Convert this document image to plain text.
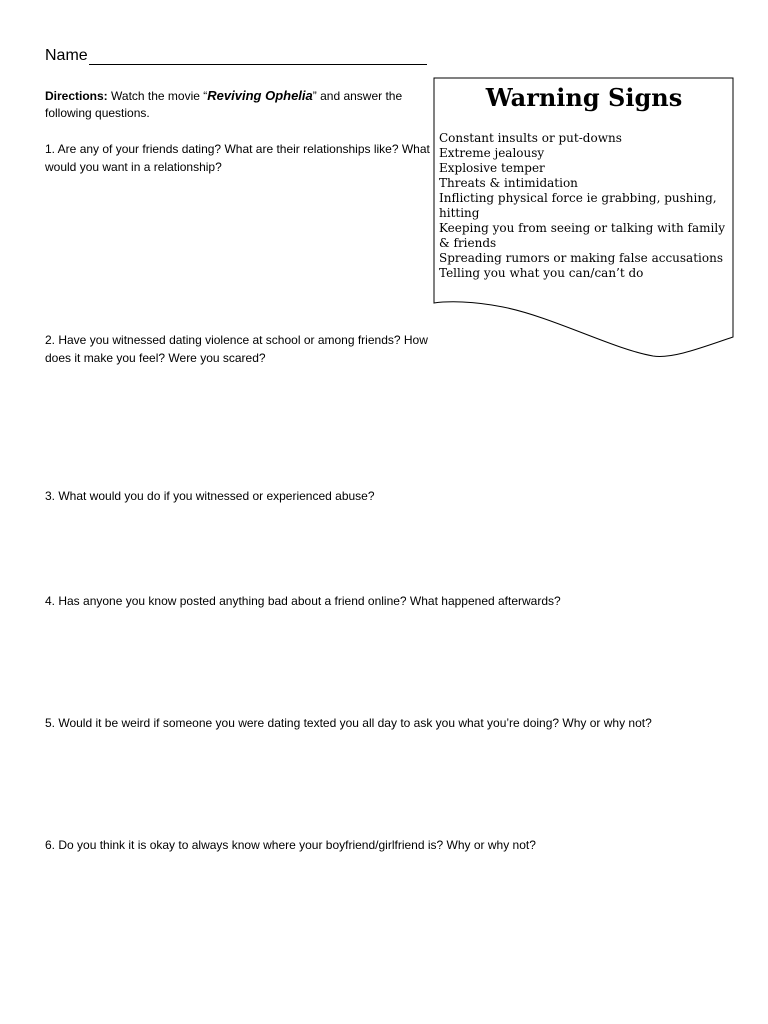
Name
Directions: Watch the movie “Reviving Ophelia” and answer the following questions.
1. Are any of your friends dating? What are their relationships like? What would you want in a relationship?
2. Have you witnessed dating violence at school or among friends? How does it make you feel? Were you scared?
3. What would you do if you witnessed or experienced abuse?
4. Has anyone you know posted anything bad about a friend online? What happened afterwards?
5. Would it be weird if someone you were dating texted you all day to ask you what you’re doing? Why or why not?
6. Do you think it is okay to always know where your boyfriend/girlfriend is? Why or why not?
Warning Signs
Constant insults or put-downs
Extreme jealousy
Explosive temper
Threats & intimidation
Inflicting physical force ie grabbing, pushing, hitting
Keeping you from seeing or talking with family & friends
Spreading rumors or making false accusations
Telling you what you can/can’t do
